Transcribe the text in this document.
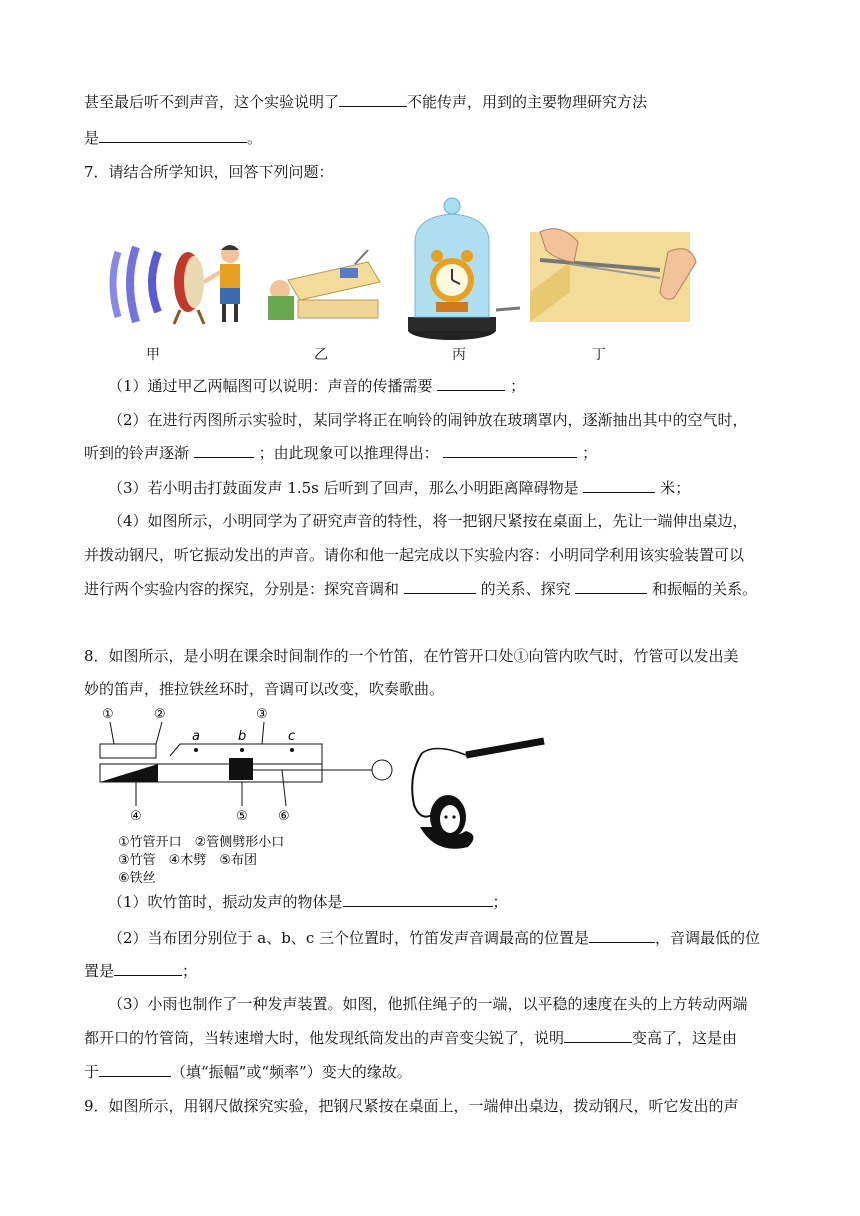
甚至最后听不到声音，这个实验说明了	不能传声，用到的主要物理研究方法
是	。
7．请结合所学知识，回答下列问题：
甲	乙	丙	丁
（1）通过甲乙两幅图可以说明：声音的传播需要	；
（2）在进行丙图所示实验时，某同学将正在响铃的闹钟放在玻璃罩内，逐渐抽出其中的空气时，
听到的铃声逐渐	；由此现象可以推理得出：	；
（3）若小明击打鼓面发声 1.5s 后听到了回声，那么小明距离障碍物是	米；
（4）如图所示，小明同学为了研究声音的特性，将一把钢尺紧按在桌面上，先让一端伸出桌边，
并拨动钢尺，听它振动发出的声音。请你和他一起完成以下实验内容：小明同学利用该实验装置可以
进行两个实验内容的探究，分别是：探究音调和	的关系、探究	和振幅的关系。
8．如图所示，是小明在课余时间制作的一个竹笛，在竹管开口处①向管内吹气时，竹管可以发出美
妙的笛声，推拉铁丝环时，音调可以改变，吹奏歌曲。
①	②	③
a	b	c
④	⑤ ⑥
①竹管开口　②管侧劈形小口
③竹管　④木劈　⑤布团
⑥铁丝
（1）吹竹笛时，振动发声的物体是	；
（2）当布团分别位于 a、b、c 三个位置时，竹笛发声音调最高的位置是	，音调最低的位
置是	；
（3）小雨也制作了一种发声装置。如图，他抓住绳子的一端，以平稳的速度在头的上方转动两端
都开口的竹管筒，当转速增大时，他发现纸筒发出的声音变尖锐了，说明	变高了，这是由
于	（填“振幅”或“频率”）变大的缘故。
9．如图所示，用钢尺做探究实验，把钢尺紧按在桌面上，一端伸出桌边，拨动钢尺，听它发出的声
